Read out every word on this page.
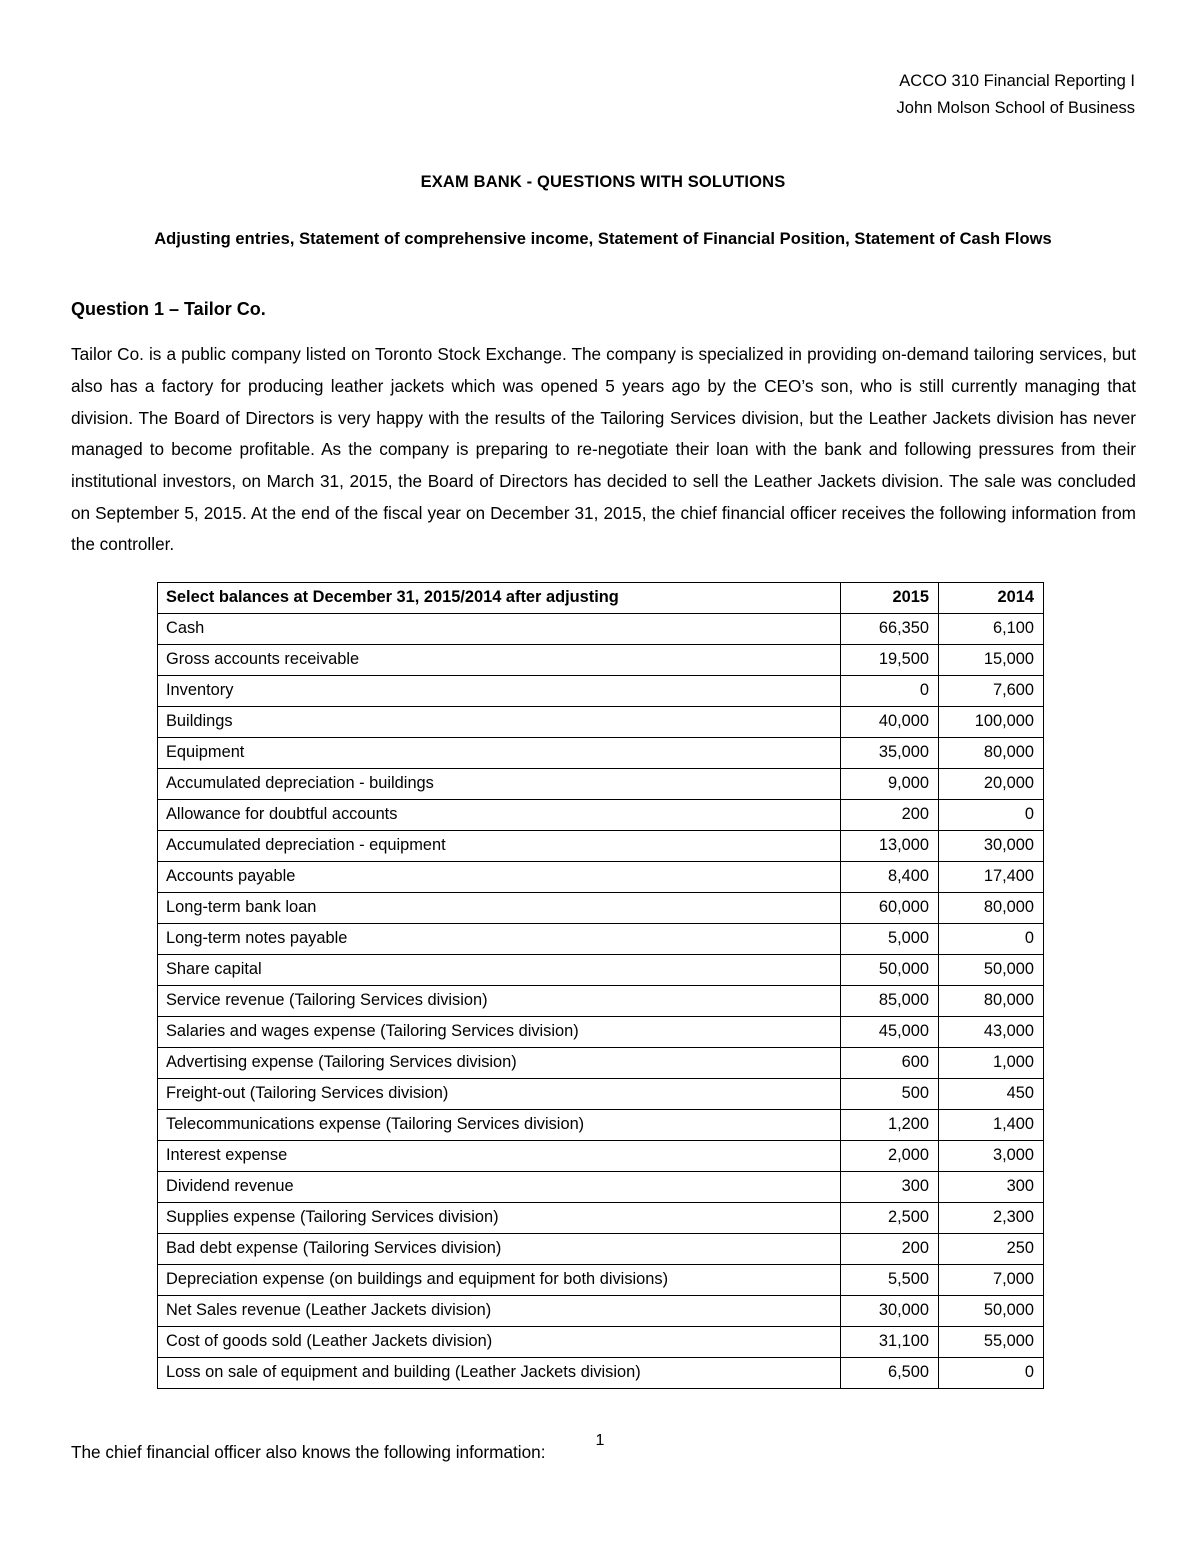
ACCO 310 Financial Reporting I
John Molson School of Business
EXAM BANK - QUESTIONS WITH SOLUTIONS
Adjusting entries, Statement of comprehensive income, Statement of Financial Position, Statement of Cash Flows
Question 1 – Tailor Co.
Tailor Co. is a public company listed on Toronto Stock Exchange. The company is specialized in providing on-demand tailoring services, but also has a factory for producing leather jackets which was opened 5 years ago by the CEO’s son, who is still currently managing that division. The Board of Directors is very happy with the results of the Tailoring Services division, but the Leather Jackets division has never managed to become profitable. As the company is preparing to re-negotiate their loan with the bank and following pressures from their institutional investors, on March 31, 2015, the Board of Directors has decided to sell the Leather Jackets division. The sale was concluded on September 5, 2015. At the end of the fiscal year on December 31, 2015, the chief financial officer receives the following information from the controller.
Select balances at December 31, 2015/2014 after adjusting	2015	2014
Cash	66,350	6,100
Gross accounts receivable	19,500	15,000
Inventory	0	7,600
Buildings	40,000	100,000
Equipment	35,000	80,000
Accumulated depreciation - buildings	9,000	20,000
Allowance for doubtful accounts	200	0
Accumulated depreciation - equipment	13,000	30,000
Accounts payable	8,400	17,400
Long-term bank loan	60,000	80,000
Long-term notes payable	5,000	0
Share capital	50,000	50,000
Service revenue (Tailoring Services division)	85,000	80,000
Salaries and wages expense (Tailoring Services division)	45,000	43,000
Advertising expense (Tailoring Services division)	600	1,000
Freight-out (Tailoring Services division)	500	450
Telecommunications expense (Tailoring Services division)	1,200	1,400
Interest expense	2,000	3,000
Dividend revenue	300	300
Supplies expense (Tailoring Services division)	2,500	2,300
Bad debt expense (Tailoring Services division)	200	250
Depreciation expense (on buildings and equipment for both divisions)	5,500	7,000
Net Sales revenue (Leather Jackets division)	30,000	50,000
Cost of goods sold (Leather Jackets division)	31,100	55,000
Loss on sale of equipment and building (Leather Jackets division)	6,500	0
The chief financial officer also knows the following information:
1
